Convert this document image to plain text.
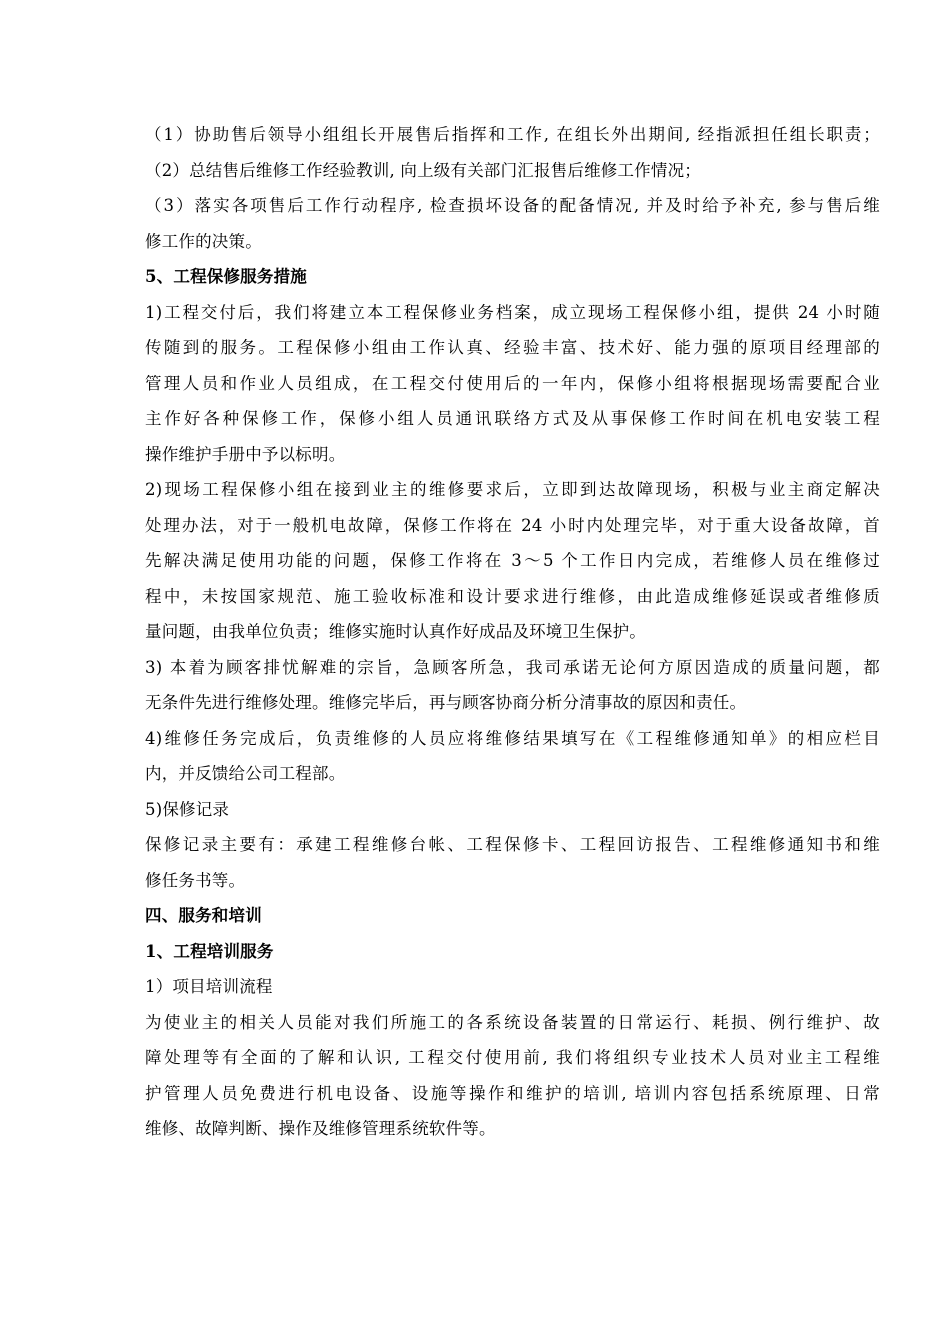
（1）协助售后领导小组组长开展售后指挥和工作, 在组长外出期间, 经指派担任组长职责；
（2）总结售后维修工作经验教训, 向上级有关部门汇报售后维修工作情况；
（3）落实各项售后工作行动程序, 检查损坏设备的配备情况, 并及时给予补充, 参与售后维
修工作的决策。
5、工程保修服务措施
1)工程交付后，我们将建立本工程保修业务档案，成立现场工程保修小组，提供 24 小时随
传随到的服务。工程保修小组由工作认真、经验丰富、技术好、能力强的原项目经理部的
管理人员和作业人员组成，在工程交付使用后的一年内，保修小组将根据现场需要配合业
主作好各种保修工作，保修小组人员通讯联络方式及从事保修工作时间在机电安装工程
操作维护手册中予以标明。
2)现场工程保修小组在接到业主的维修要求后，立即到达故障现场，积极与业主商定解决
处理办法，对于一般机电故障，保修工作将在 24 小时内处理完毕，对于重大设备故障，首
先解决满足使用功能的问题，保修工作将在 3～5 个工作日内完成，若维修人员在维修过
程中，未按国家规范、施工验收标准和设计要求进行维修，由此造成维修延误或者维修质
量问题，由我单位负责；维修实施时认真作好成品及环境卫生保护。
3) 本着为顾客排忧解难的宗旨，急顾客所急，我司承诺无论何方原因造成的质量问题，都
无条件先进行维修处理。维修完毕后，再与顾客协商分析分清事故的原因和责任。
4)维修任务完成后，负责维修的人员应将维修结果填写在《工程维修通知单》的相应栏目
内，并反馈给公司工程部。
5)保修记录
保修记录主要有：承建工程维修台帐、工程保修卡、工程回访报告、工程维修通知书和维
修任务书等。
四、服务和培训
1、工程培训服务
1）项目培训流程
为使业主的相关人员能对我们所施工的各系统设备装置的日常运行、耗损、例行维护、故
障处理等有全面的了解和认识, 工程交付使用前, 我们将组织专业技术人员对业主工程维
护管理人员免费进行机电设备、设施等操作和维护的培训, 培训内容包括系统原理、日常
维修、故障判断、操作及维修管理系统软件等。
